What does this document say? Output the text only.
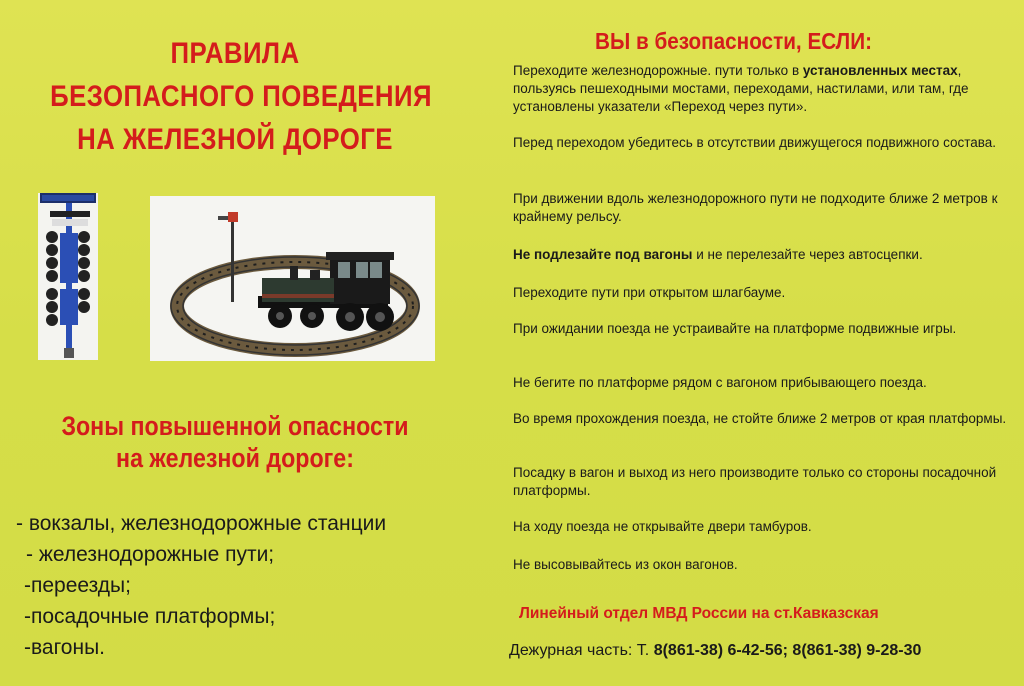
ПРАВИЛА
БЕЗОПАСНОГО ПОВЕДЕНИЯ
НА ЖЕЛЕЗНОЙ ДОРОГЕ
Зоны повышенной опасности
на железной дороге:
- вокзалы, железнодорожные станции
- железнодорожные пути;
-переезды;
-посадочные платформы;
-вагоны.
ВЫ в безопасности, ЕСЛИ:
Переходите железнодорожные. пути только в установленных местах, пользуясь пешеходными мостами, переходами, настилами, или там, где установлены указатели «Переход через пути».
Перед переходом убедитесь в отсутствии движущегося подвижного состава.
При движении вдоль железнодорожного пути не подходите ближе 2 метров к крайнему рельсу.
Не подлезайте под вагоны и не перелезайте через автосцепки.
Переходите пути при открытом шлагбауме.
При ожидании поезда не устраивайте на платформе подвижные игры.
Не бегите по платформе рядом с вагоном прибывающего поезда.
Во время прохождения поезда, не стойте ближе 2 метров от края платформы.
Посадку в вагон и выход из него производите только со стороны посадочной платформы.
На ходу поезда не открывайте двери тамбуров.
Не высовывайтесь из окон вагонов.
Линейный отдел МВД России на ст.Кавказская
Дежурная часть: Т. 8(861-38) 6-42-56; 8(861-38) 9-28-30
